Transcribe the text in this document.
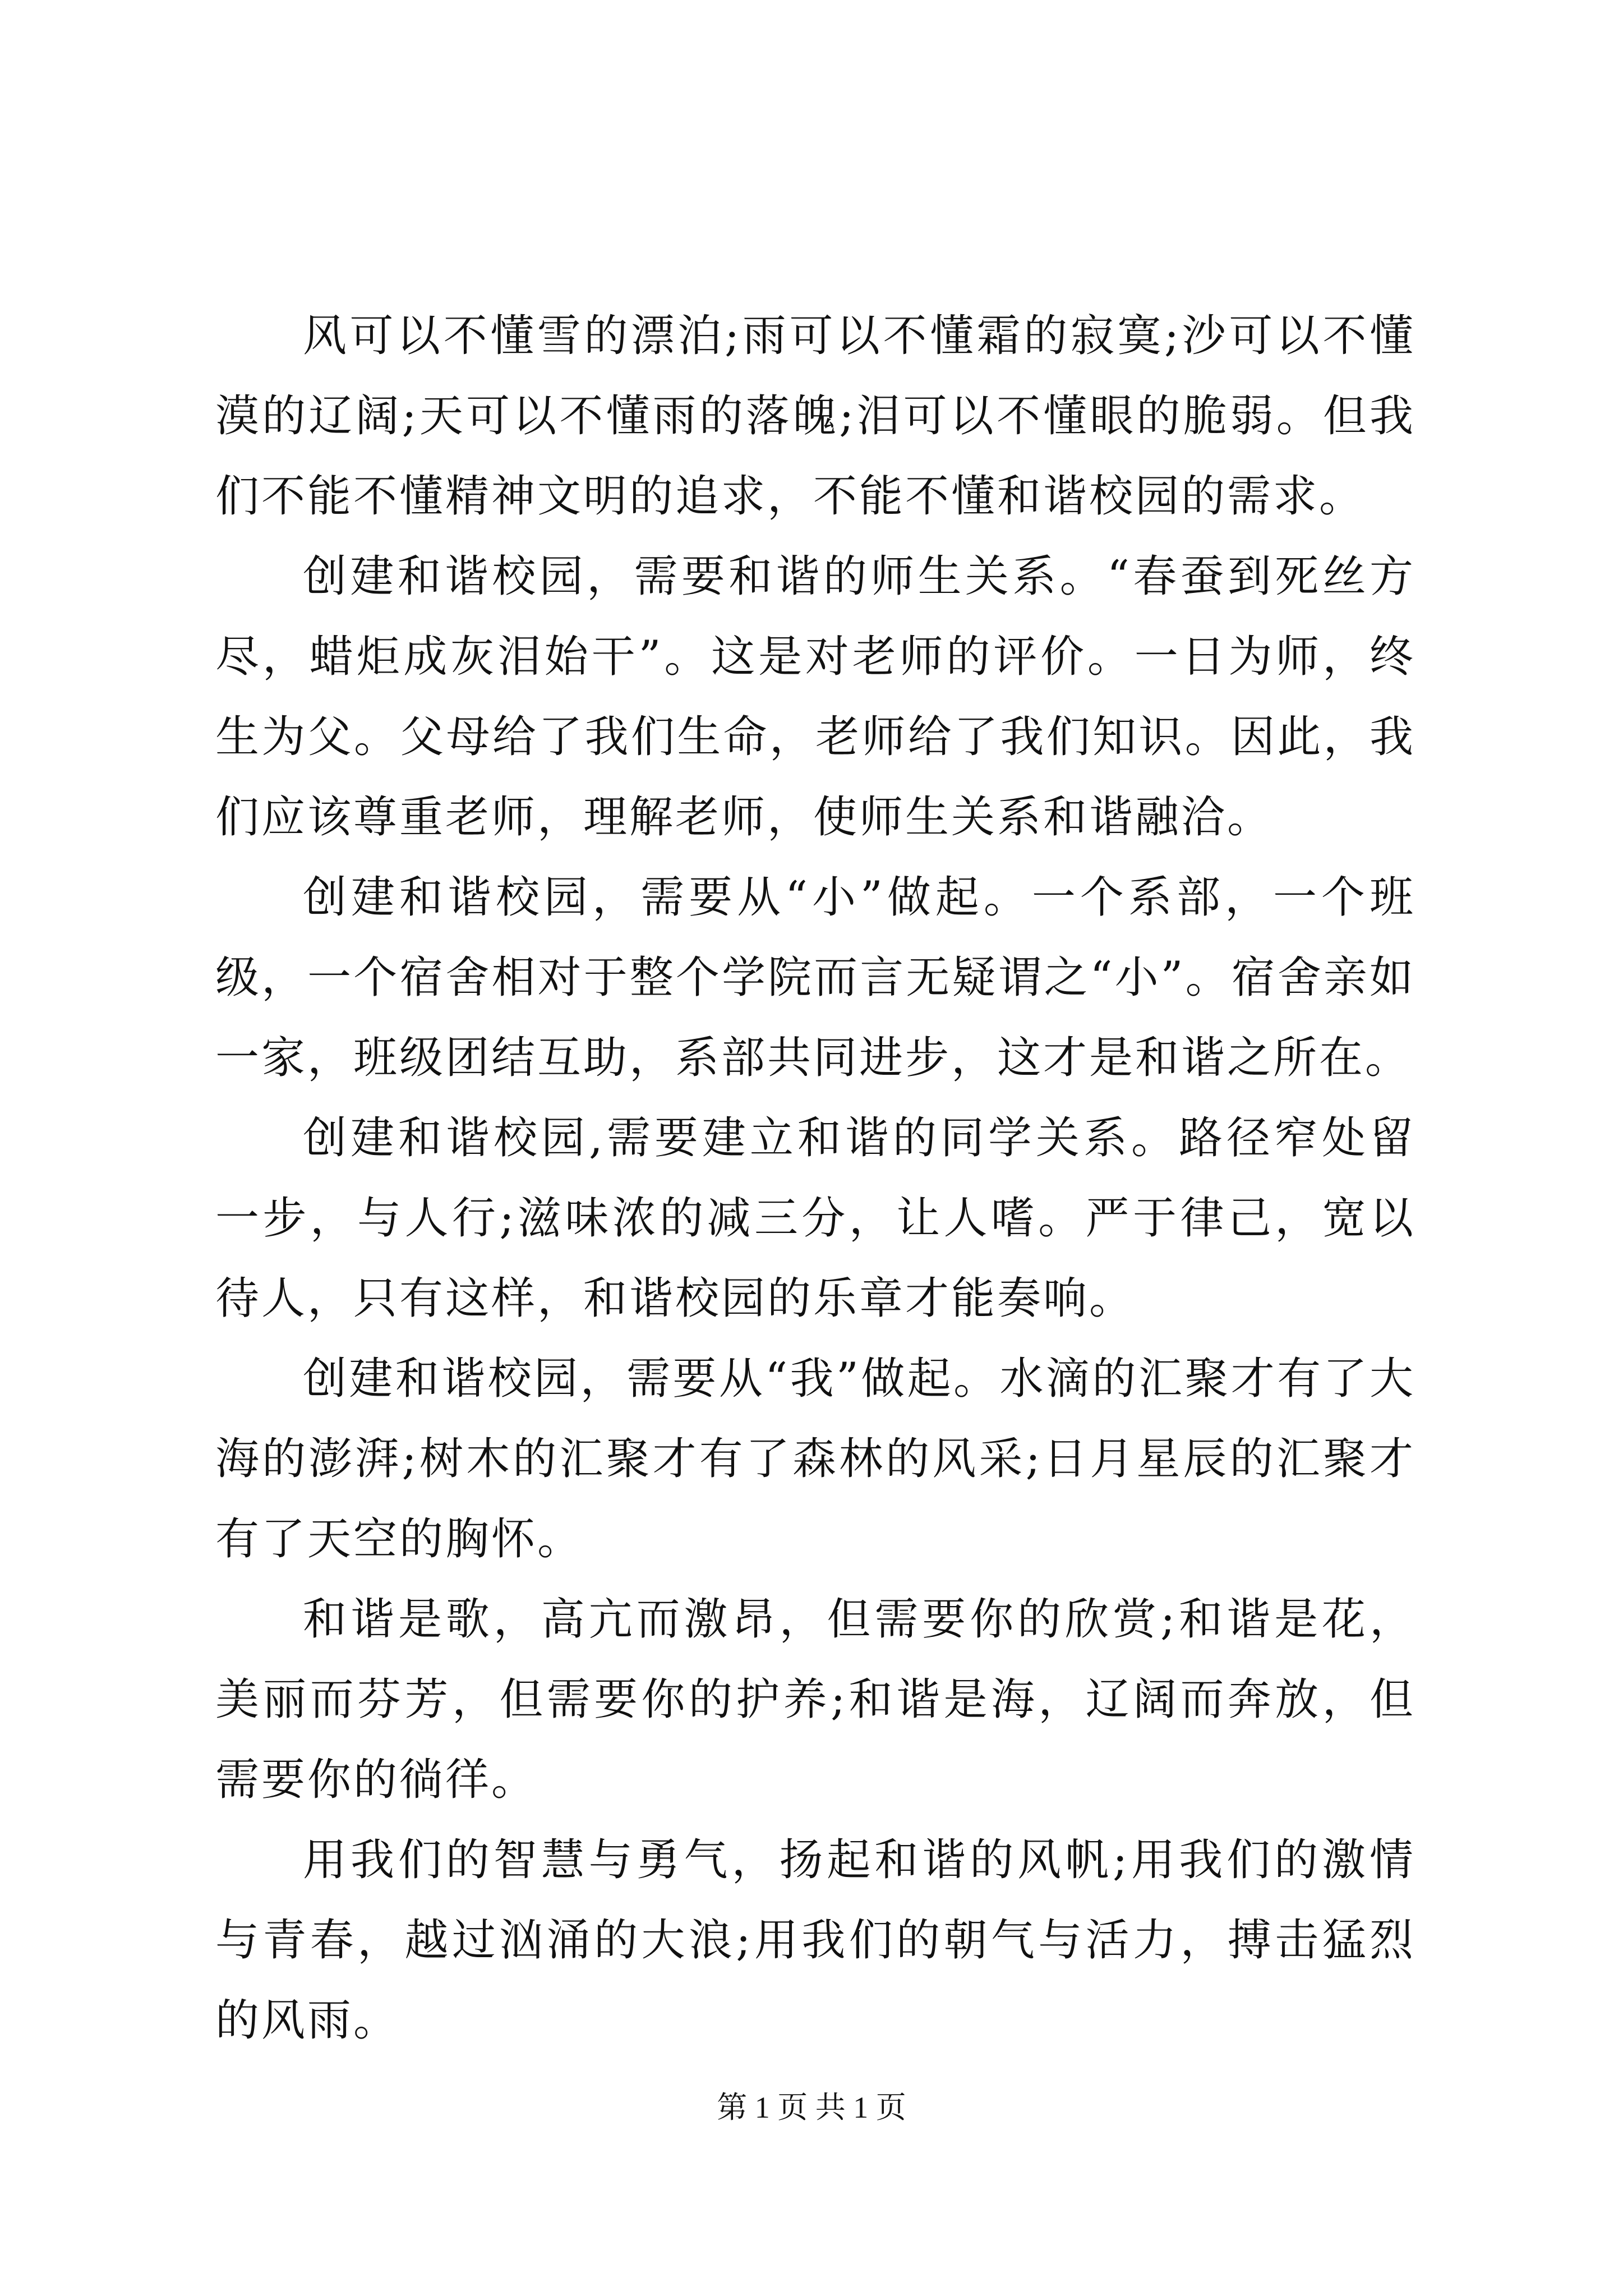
风可以不懂雪的漂泊;雨可以不懂霜的寂寞;沙可以不懂漠的辽阔;天可以不懂雨的落魄;泪可以不懂眼的脆弱。但我们不能不懂精神文明的追求，不能不懂和谐校园的需求。

创建和谐校园，需要和谐的师生关系。“春蚕到死丝方尽，蜡炬成灰泪始干”。这是对老师的评价。一日为师，终生为父。父母给了我们生命，老师给了我们知识。因此，我们应该尊重老师，理解老师，使师生关系和谐融洽。

创建和谐校园，需要从“小”做起。一个系部，一个班级，一个宿舍相对于整个学院而言无疑谓之“小”。宿舍亲如一家，班级团结互助，系部共同进步，这才是和谐之所在。

创建和谐校园,需要建立和谐的同学关系。路径窄处留一步，与人行;滋味浓的减三分，让人嗜。严于律己，宽以待人，只有这样，和谐校园的乐章才能奏响。

创建和谐校园，需要从“我”做起。水滴的汇聚才有了大海的澎湃;树木的汇聚才有了森林的风采;日月星辰的汇聚才有了天空的胸怀。

和谐是歌，高亢而激昂，但需要你的欣赏;和谐是花，美丽而芬芳，但需要你的护养;和谐是海，辽阔而奔放，但需要你的徜徉。

用我们的智慧与勇气，扬起和谐的风帆;用我们的激情与青春，越过汹涌的大浪;用我们的朝气与活力，搏击猛烈的风雨。

第 1 页 共 1 页
